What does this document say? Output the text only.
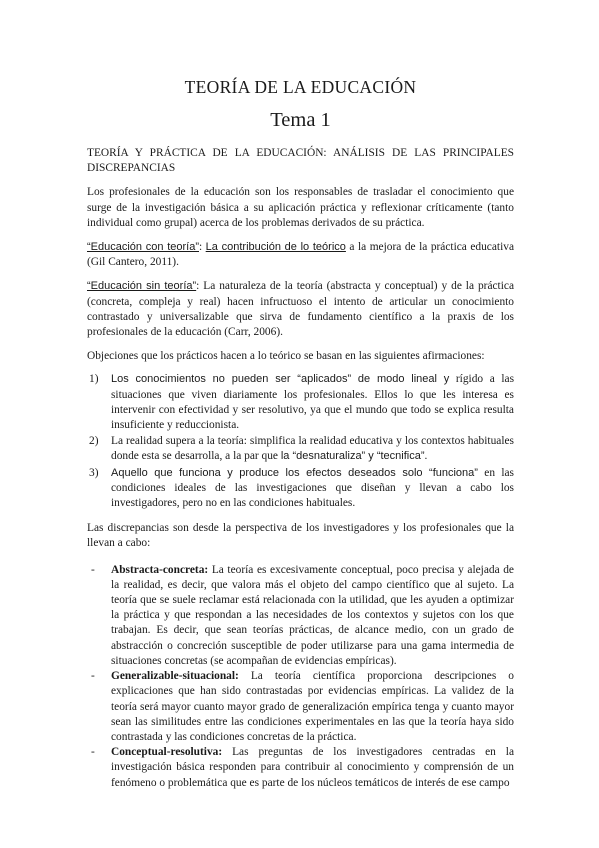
TEORÍA DE LA EDUCACIÓN
Tema 1

TEORÍA Y PRÁCTICA DE LA EDUCACIÓN: ANÁLISIS DE LAS PRINCIPALES DISCREPANCIAS

Los profesionales de la educación son los responsables de trasladar el conocimiento que surge de la investigación básica a su aplicación práctica y reflexionar críticamente (tanto individual como grupal) acerca de los problemas derivados de su práctica.

“Educación con teoría”: La contribución de lo teórico a la mejora de la práctica educativa (Gil Cantero, 2011).

“Educación sin teoría”: La naturaleza de la teoría (abstracta y conceptual) y de la práctica (concreta, compleja y real) hacen infructuoso el intento de articular un conocimiento contrastado y universalizable que sirva de fundamento científico a la praxis de los profesionales de la educación (Carr, 2006).

Objeciones que los prácticos hacen a lo teórico se basan en las siguientes afirmaciones:

1) Los conocimientos no pueden ser “aplicados” de modo lineal y rígido a las situaciones que viven diariamente los profesionales. Ellos lo que les interesa es intervenir con efectividad y ser resolutivo, ya que el mundo que todo se explica resulta insuficiente y reduccionista.
2) La realidad supera a la teoría: simplifica la realidad educativa y los contextos habituales donde esta se desarrolla, a la par que la “desnaturaliza” y “tecnifica”.
3) Aquello que funciona y produce los efectos deseados solo “funciona” en las condiciones ideales de las investigaciones que diseñan y llevan a cabo los investigadores, pero no en las condiciones habituales.

Las discrepancias son desde la perspectiva de los investigadores y los profesionales que la llevan a cabo:

- Abstracta-concreta: La teoría es excesivamente conceptual, poco precisa y alejada de la realidad, es decir, que valora más el objeto del campo científico que al sujeto. La teoría que se suele reclamar está relacionada con la utilidad, que les ayuden a optimizar la práctica y que respondan a las necesidades de los contextos y sujetos con los que trabajan. Es decir, que sean teorías prácticas, de alcance medio, con un grado de abstracción o concreción susceptible de poder utilizarse para una gama intermedia de situaciones concretas (se acompañan de evidencias empíricas).
- Generalizable-situacional: La teoría científica proporciona descripciones o explicaciones que han sido contrastadas por evidencias empíricas. La validez de la teoría será mayor cuanto mayor grado de generalización empírica tenga y cuanto mayor sean las similitudes entre las condiciones experimentales en las que la teoría haya sido contrastada y las condiciones concretas de la práctica.
- Conceptual-resolutiva: Las preguntas de los investigadores centradas en la investigación básica responden para contribuir al conocimiento y comprensión de un fenómeno o problemática que es parte de los núcleos temáticos de interés de ese campo
